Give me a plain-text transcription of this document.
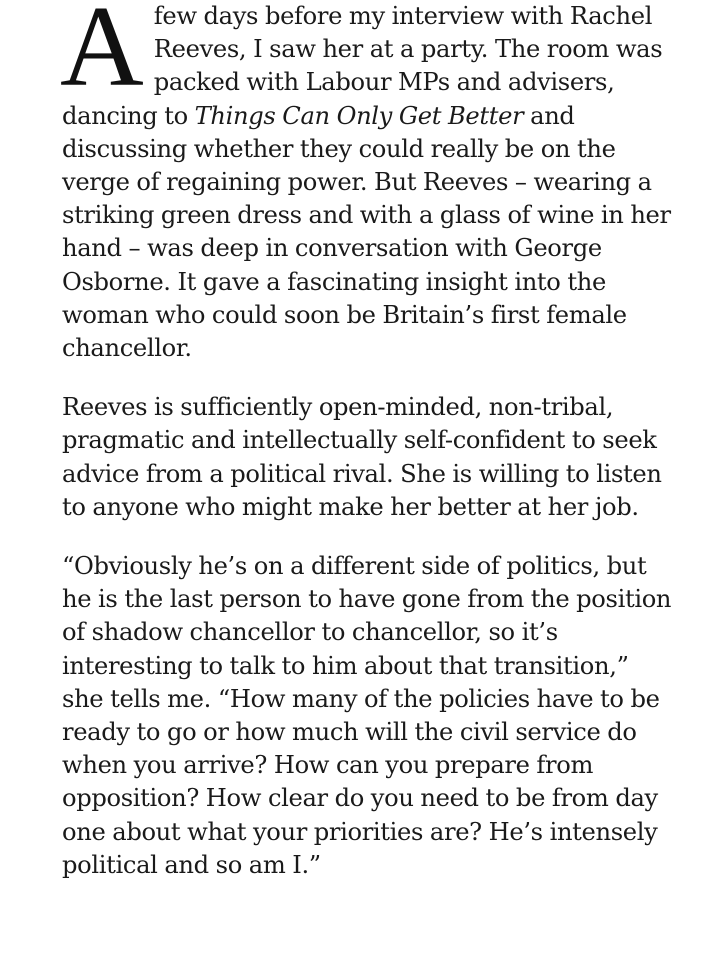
Afew days before my interview with Rachel Reeves, I saw her at a party. The room was packed with Labour MPs and advisers, dancing to Things Can Only Get Better and discussing whether they could really be on the verge of regaining power. But Reeves – wearing a striking green dress and with a glass of wine in her hand – was deep in conversation with George Osborne. It gave a fascinating insight into the woman who could soon be Britain’s first female chancellor.

Reeves is sufficiently open-minded, non-tribal, pragmatic and intellectually self-confident to seek advice from a political rival. She is willing to listen to anyone who might make her better at her job.

“Obviously he’s on a different side of politics, but he is the last person to have gone from the position of shadow chancellor to chancellor, so it’s interesting to talk to him about that transition,” she tells me. “How many of the policies have to be ready to go or how much will the civil service do when you arrive? How can you prepare from opposition? How clear do you need to be from day one about what your priorities are? He’s intensely political and so am I.”
